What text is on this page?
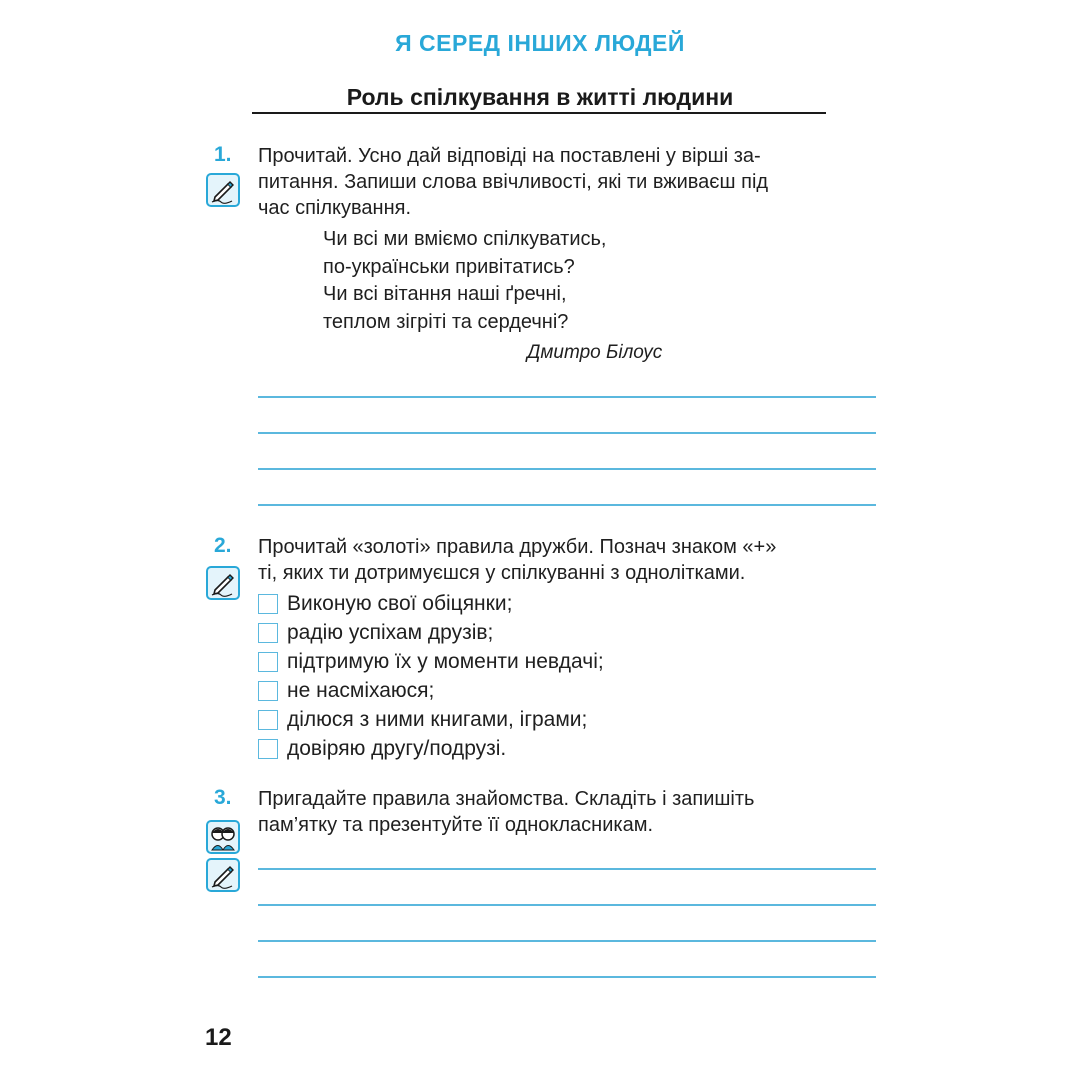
Я СЕРЕД ІНШИХ ЛЮДЕЙ
Роль спілкування в житті людини
1. Прочитай. Усно дай відповіді на поставлені у вірші за-
питання. Запиши слова ввічливості, які ти вживаєш під
час спілкування.
Чи всі ми вміємо спілкуватись,
по-українськи привітатись?
Чи всі вітання наші ґречні,
теплом зігріті та сердечні?
Дмитро Білоус
2. Прочитай «золоті» правила дружби. Познач знаком «+»
ті, яких ти дотримуєшся у спілкуванні з однолітками.
Виконую свої обіцянки;
радію успіхам друзів;
підтримую їх у моменти невдачі;
не насміхаюся;
ділюся з ними книгами, іграми;
довіряю другу/подрузі.
3. Пригадайте правила знайомства. Складіть і запишіть
пам’ятку та презентуйте її однокласникам.
12
